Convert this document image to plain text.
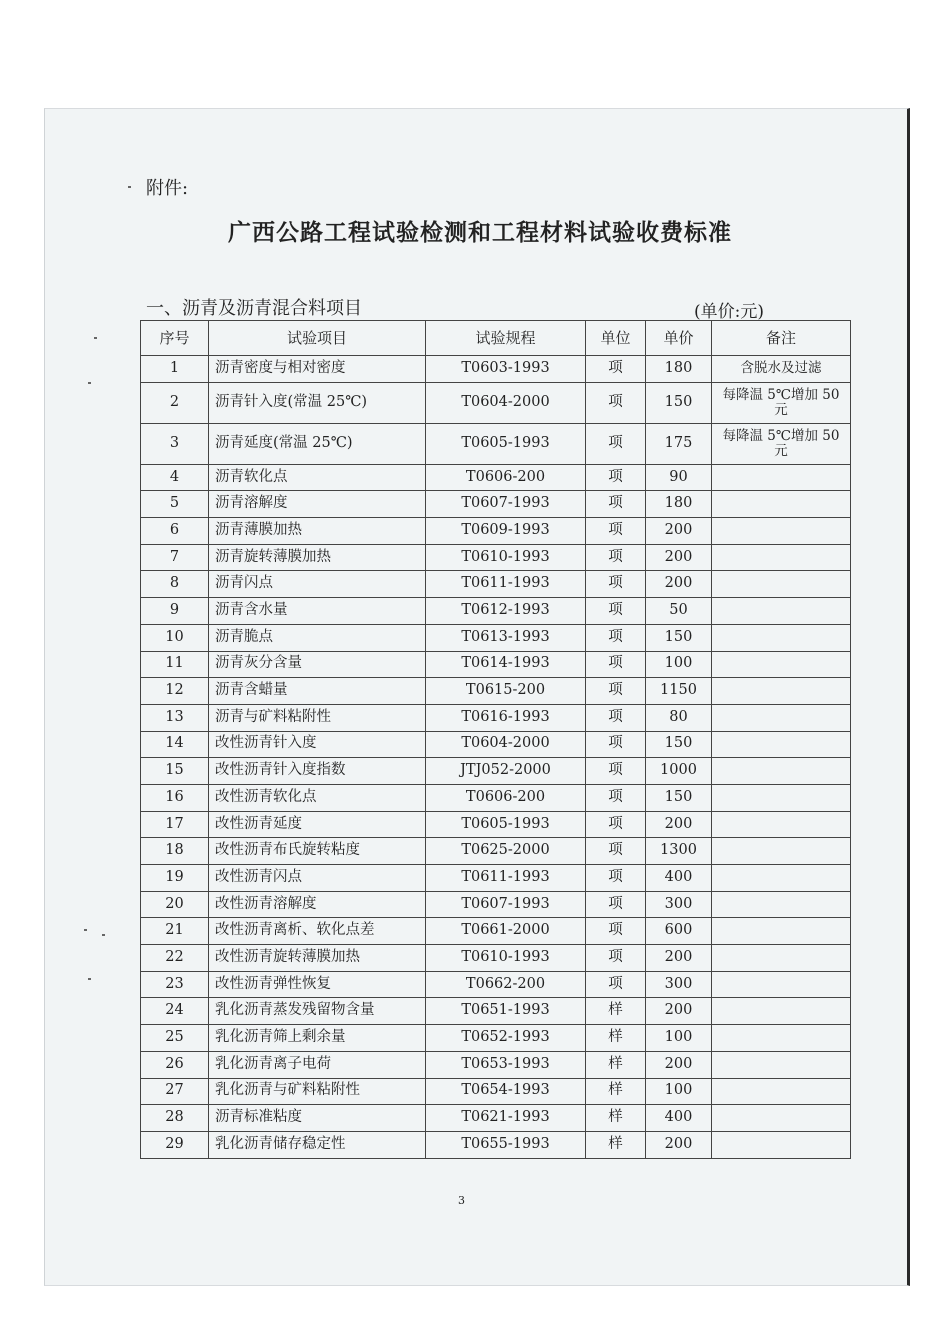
附件:
广西公路工程试验检测和工程材料试验收费标准
一、沥青及沥青混合料项目	(单价:元)
序号	试验项目	试验规程	单位	单价	备注
1	沥青密度与相对密度	T0603-1993	项	180	含脱水及过滤
2	沥青针入度(常温 25℃)	T0604-2000	项	150	每降温 5℃增加 50 元
3	沥青延度(常温 25℃)	T0605-1993	项	175	每降温 5℃增加 50 元
4	沥青软化点	T0606-200	项	90	
5	沥青溶解度	T0607-1993	项	180	
6	沥青薄膜加热	T0609-1993	项	200	
7	沥青旋转薄膜加热	T0610-1993	项	200	
8	沥青闪点	T0611-1993	项	200	
9	沥青含水量	T0612-1993	项	50	
10	沥青脆点	T0613-1993	项	150	
11	沥青灰分含量	T0614-1993	项	100	
12	沥青含蜡量	T0615-200	项	1150	
13	沥青与矿料粘附性	T0616-1993	项	80	
14	改性沥青针入度	T0604-2000	项	150	
15	改性沥青针入度指数	JTJ052-2000	项	1000	
16	改性沥青软化点	T0606-200	项	150	
17	改性沥青延度	T0605-1993	项	200	
18	改性沥青布氏旋转粘度	T0625-2000	项	1300	
19	改性沥青闪点	T0611-1993	项	400	
20	改性沥青溶解度	T0607-1993	项	300	
21	改性沥青离析、软化点差	T0661-2000	项	600	
22	改性沥青旋转薄膜加热	T0610-1993	项	200	
23	改性沥青弹性恢复	T0662-200	项	300	
24	乳化沥青蒸发残留物含量	T0651-1993	样	200	
25	乳化沥青筛上剩余量	T0652-1993	样	100	
26	乳化沥青离子电荷	T0653-1993	样	200	
27	乳化沥青与矿料粘附性	T0654-1993	样	100	
28	沥青标准粘度	T0621-1993	样	400	
29	乳化沥青储存稳定性	T0655-1993	样	200	
3
